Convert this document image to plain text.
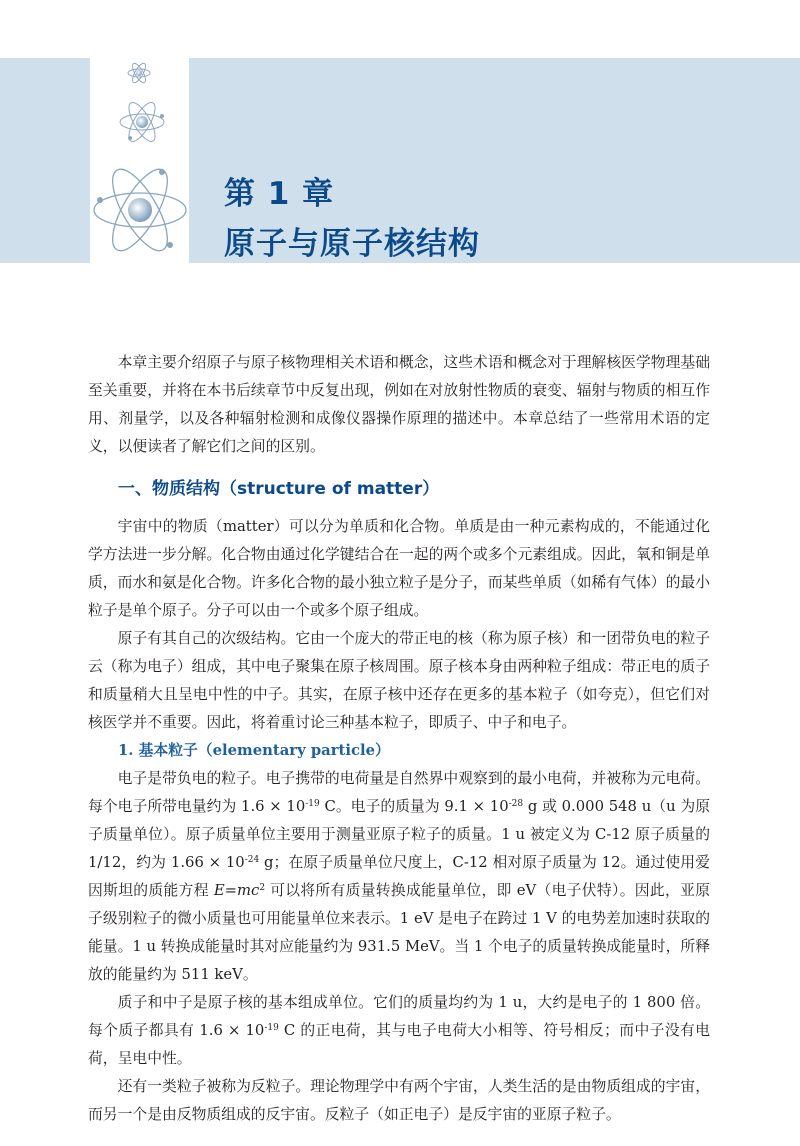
第 1 章
原子与原子核结构

本章主要介绍原子与原子核物理相关术语和概念，这些术语和概念对于理解核医学物理基础至关重要，并将在本书后续章节中反复出现，例如在对放射性物质的衰变、辐射与物质的相互作用、剂量学，以及各种辐射检测和成像仪器操作原理的描述中。本章总结了一些常用术语的定义，以便读者了解它们之间的区别。

一、物质结构（structure of matter）

宇宙中的物质（matter）可以分为单质和化合物。单质是由一种元素构成的，不能通过化学方法进一步分解。化合物由通过化学键结合在一起的两个或多个元素组成。因此，氧和铜是单质，而水和氨是化合物。许多化合物的最小独立粒子是分子，而某些单质（如稀有气体）的最小粒子是单个原子。分子可以由一个或多个原子组成。

原子有其自己的次级结构。它由一个庞大的带正电的核（称为原子核）和一团带负电的粒子云（称为电子）组成，其中电子聚集在原子核周围。原子核本身由两种粒子组成：带正电的质子和质量稍大且呈电中性的中子。其实，在原子核中还存在更多的基本粒子（如夸克），但它们对核医学并不重要。因此，将着重讨论三种基本粒子，即质子、中子和电子。

1. 基本粒子（elementary particle）

电子是带负电的粒子。电子携带的电荷量是自然界中观察到的最小电荷，并被称为元电荷。每个电子所带电量约为 $1.6 \times 10^{-19}$ C。电子的质量为 $9.1 \times 10^{-28}$ g 或 0.000 548 u（u 为原子质量单位）。原子质量单位主要用于测量亚原子粒子的质量。1 u 被定义为 C-12 原子质量的 1/12，约为 $1.66 \times 10^{-24}$ g；在原子质量单位尺度上，C-12 相对原子质量为 12。通过使用爱因斯坦的质能方程 $E=mc^2$ 可以将所有质量转换成能量单位，即 eV（电子伏特）。因此，亚原子级别粒子的微小质量也可用能量单位来表示。1 eV 是电子在跨过 1 V 的电势差加速时获取的能量。1 u 转换成能量时其对应能量约为 931.5 MeV。当 1 个电子的质量转换成能量时，所释放的能量约为 511 keV。

质子和中子是原子核的基本组成单位。它们的质量均约为 1 u，大约是电子的 1 800 倍。每个质子都具有 $1.6 \times 10^{-19}$ C 的正电荷，其与电子电荷大小相等、符号相反；而中子没有电荷，呈电中性。

还有一类粒子被称为反粒子。理论物理学中有两个宇宙，人类生活的是由物质组成的宇宙，而另一个是由反物质组成的反宇宙。反粒子（如正电子）是反宇宙的亚原子粒子。
